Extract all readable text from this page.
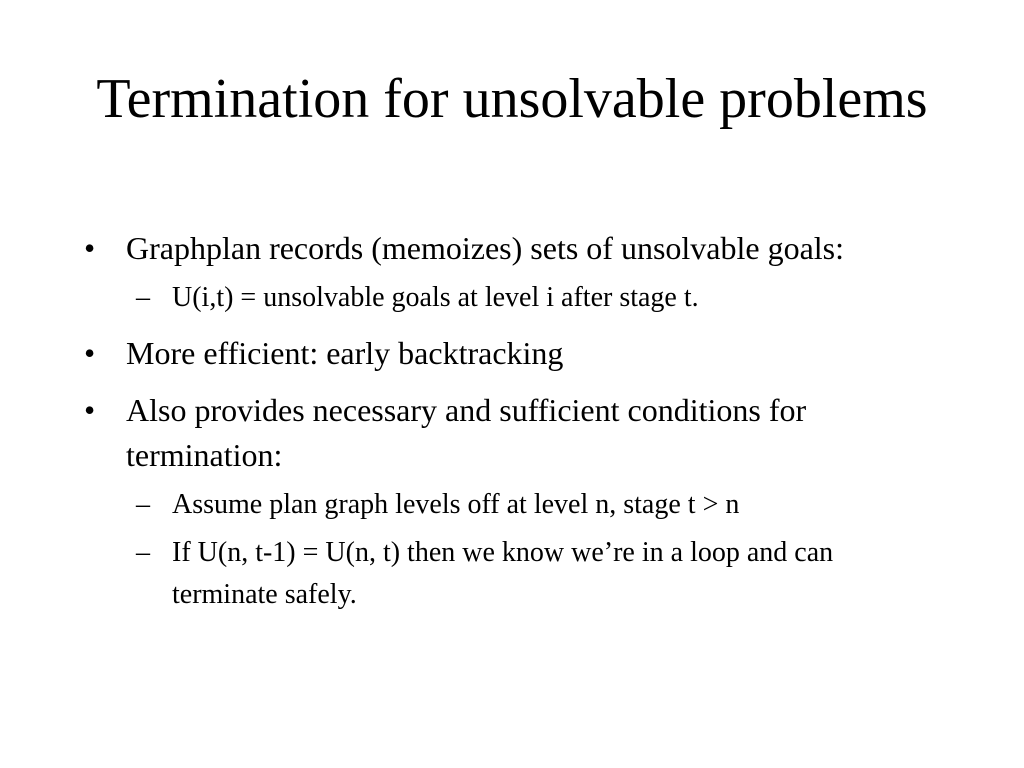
Termination for unsolvable problems
• Graphplan records (memoizes) sets of unsolvable goals:
– U(i,t) = unsolvable goals at level i after stage t.
• More efficient: early backtracking
• Also provides necessary and sufficient conditions for termination:
– Assume plan graph levels off at level n, stage t > n
– If U(n, t-1) = U(n, t) then we know we’re in a loop and can terminate safely.
